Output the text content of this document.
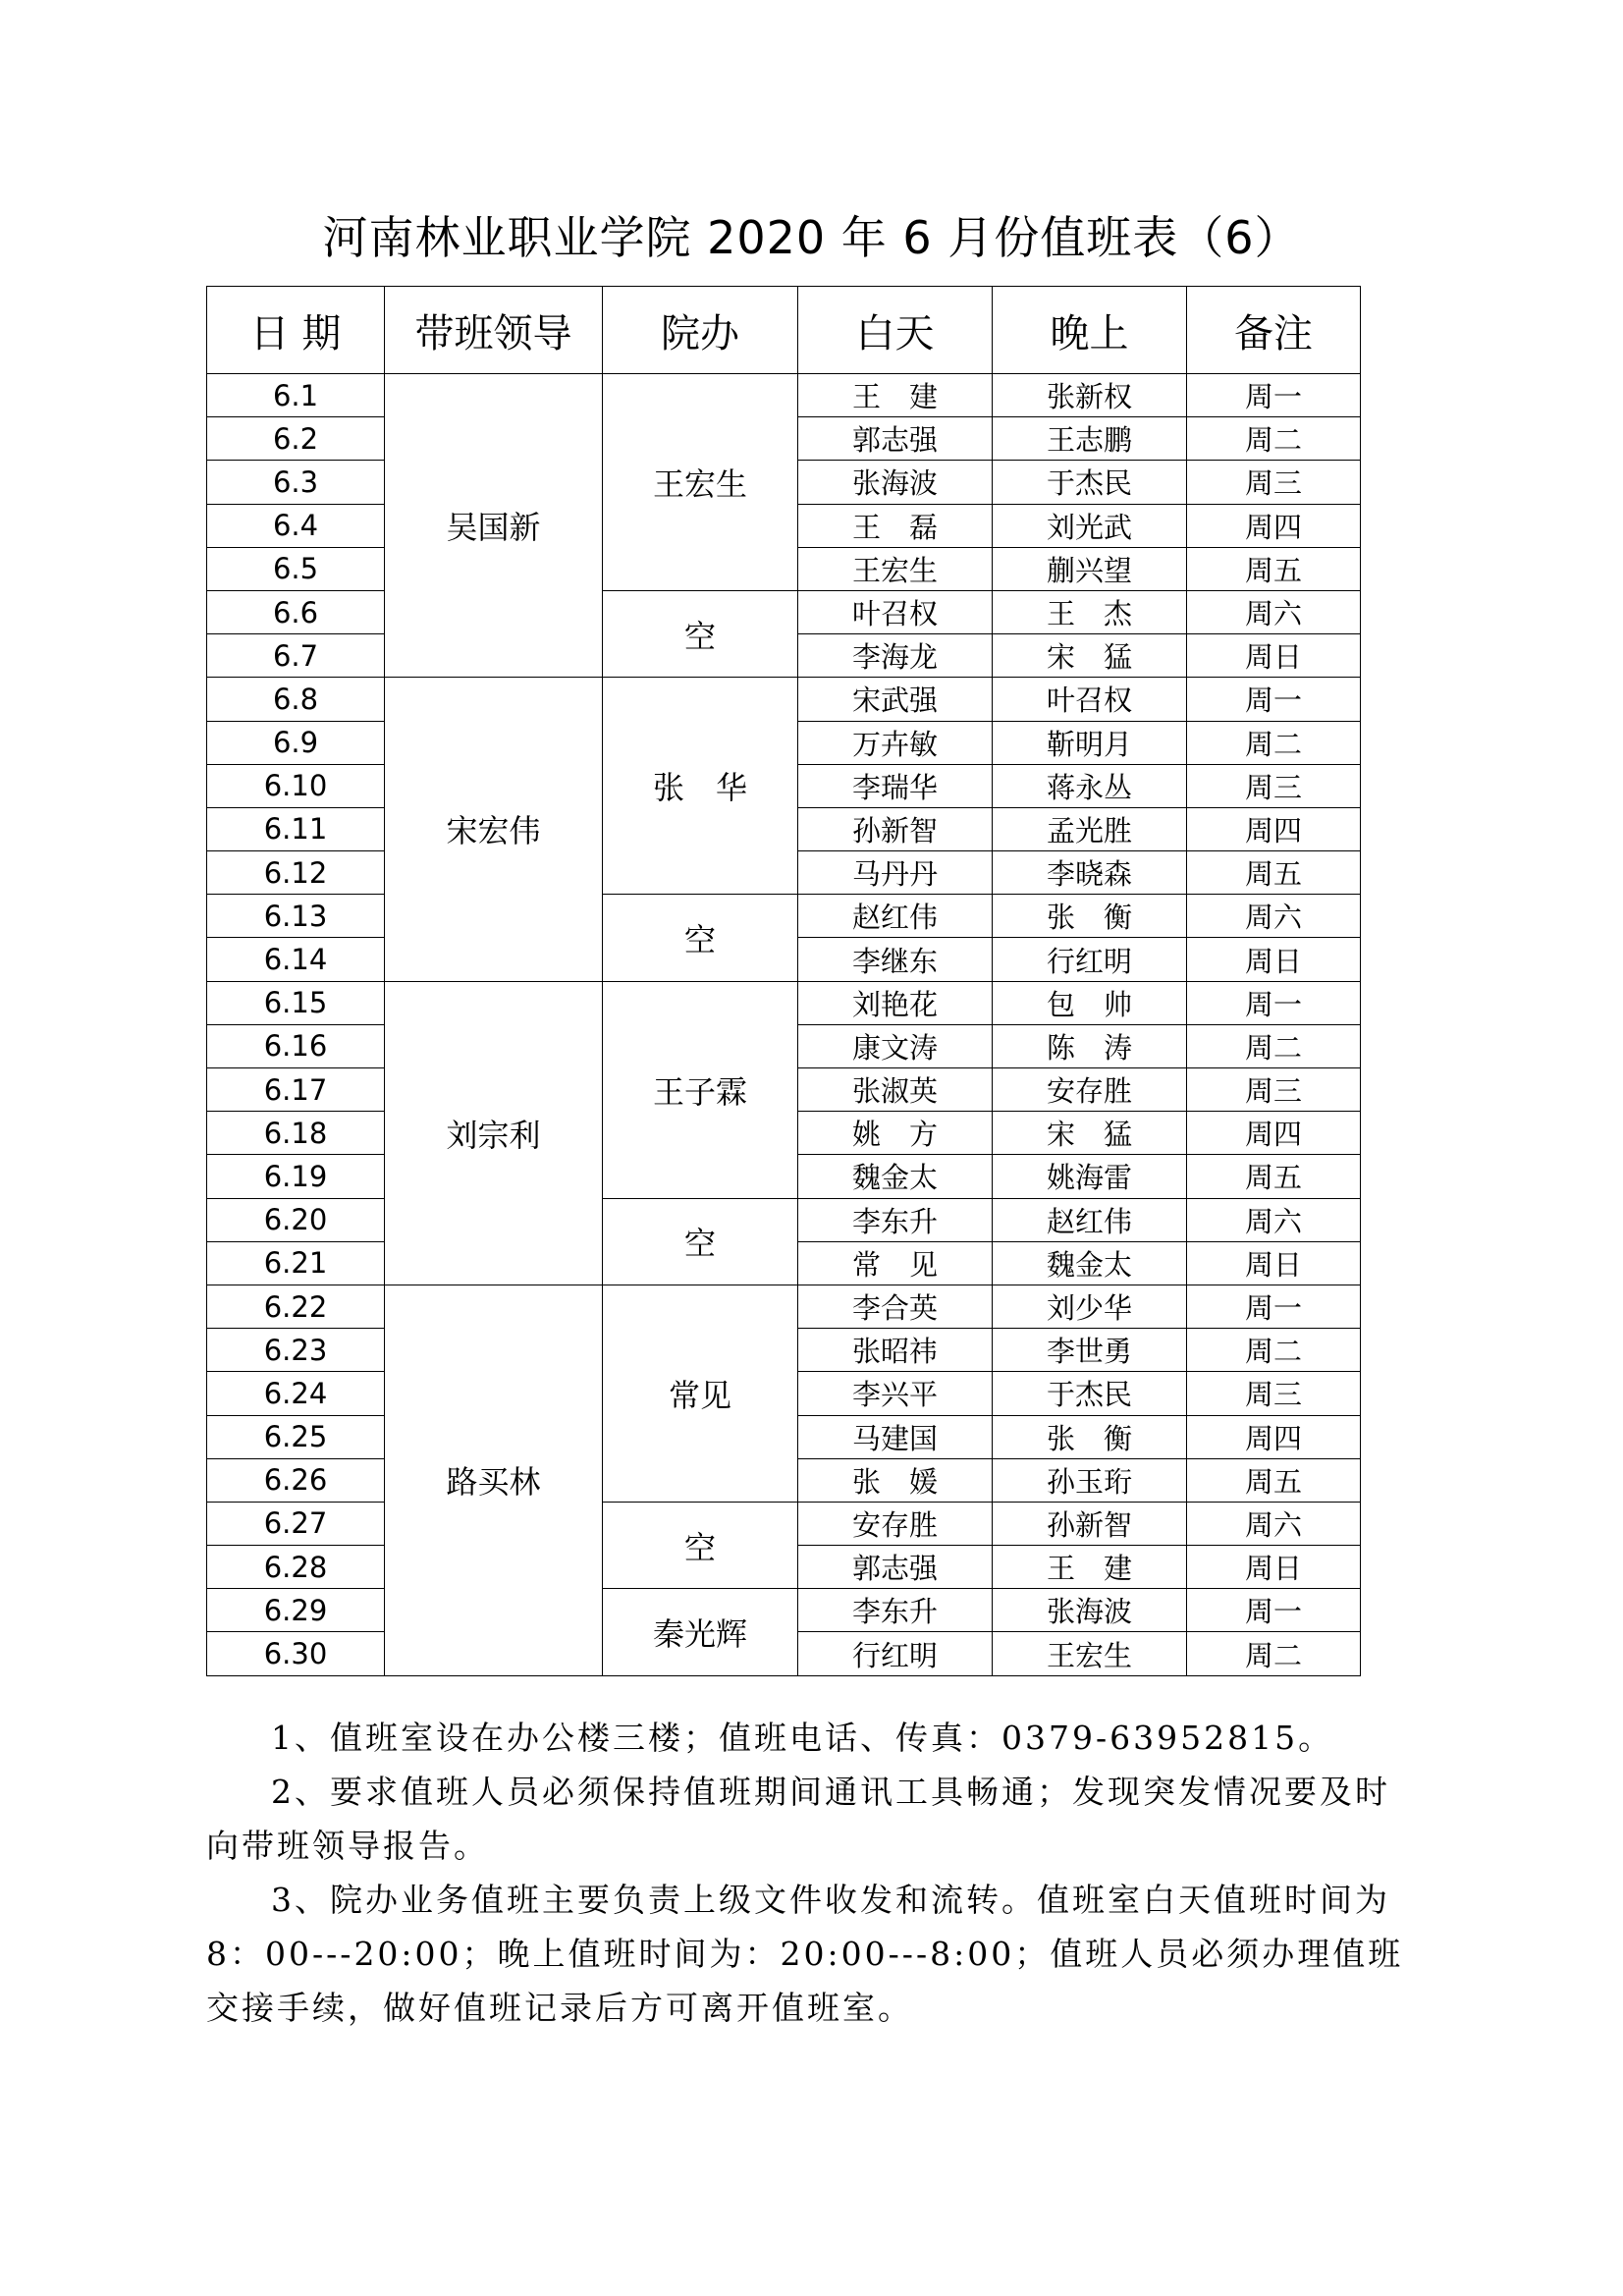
河南林业职业学院 2020 年 6 月份值班表（6）
日 期	带班领导	院办	白天	晚上	备注
6.1	吴国新	王宏生	王　建	张新权	周一
6.2			郭志强	王志鹏	周二
6.3			张海波	于杰民	周三
6.4			王　磊	刘光武	周四
6.5			王宏生	蒯兴望	周五
6.6		空	叶召权	王　杰	周六
6.7			李海龙	宋　猛	周日
6.8	宋宏伟	张　华	宋武强	叶召权	周一
6.9			万卉敏	靳明月	周二
6.10			李瑞华	蒋永丛	周三
6.11			孙新智	孟光胜	周四
6.12			马丹丹	李晓森	周五
6.13		空	赵红伟	张　衡	周六
6.14			李继东	行红明	周日
6.15	刘宗利	王子霖	刘艳花	包　帅	周一
6.16			康文涛	陈　涛	周二
6.17			张淑英	安存胜	周三
6.18			姚　方	宋　猛	周四
6.19			魏金太	姚海雷	周五
6.20		空	李东升	赵红伟	周六
6.21			常　见	魏金太	周日
6.22	路买林	常见	李合英	刘少华	周一
6.23			张昭祎	李世勇	周二
6.24			李兴平	于杰民	周三
6.25			马建国	张　衡	周四
6.26			张　媛	孙玉珩	周五
6.27		空	安存胜	孙新智	周六
6.28			郭志强	王　建	周日
6.29		秦光辉	李东升	张海波	周一
6.30			行红明	王宏生	周二

1、值班室设在办公楼三楼；值班电话、传真：0379-63952815。

2、要求值班人员必须保持值班期间通讯工具畅通；发现突发情况要及时向带班领导报告。

3、院办业务值班主要负责上级文件收发和流转。值班室白天值班时间为 8：00---20:00；晚上值班时间为：20:00---8:00；值班人员必须办理值班交接手续，做好值班记录后方可离开值班室。
